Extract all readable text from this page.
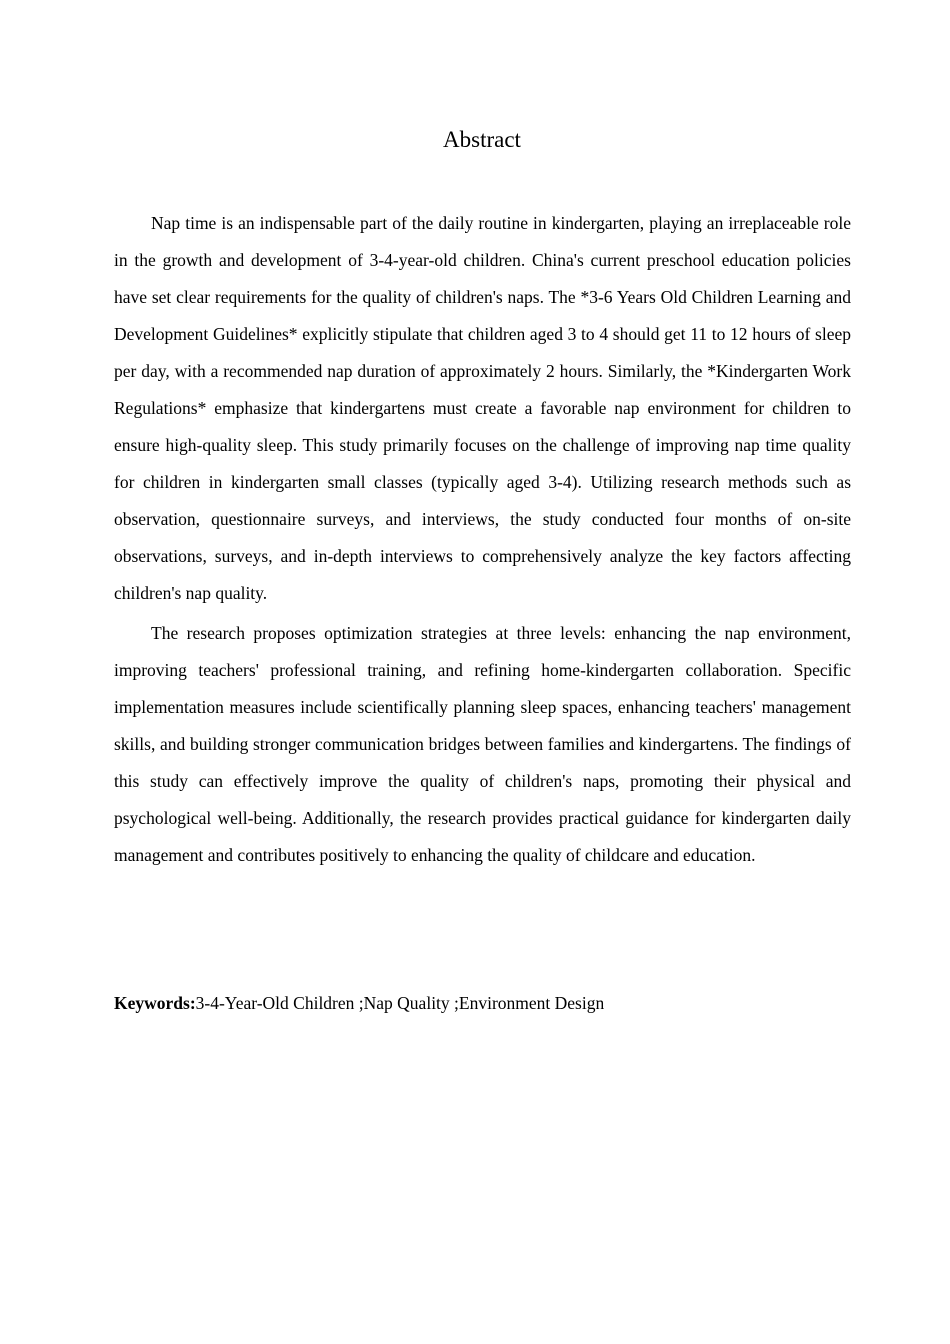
Abstract

Nap time is an indispensable part of the daily routine in kindergarten, playing an irreplaceable role in the growth and development of 3-4-year-old children. China's current preschool education policies have set clear requirements for the quality of children's naps. The *3-6 Years Old Children Learning and Development Guidelines* explicitly stipulate that children aged 3 to 4 should get 11 to 12 hours of sleep per day, with a recommended nap duration of approximately 2 hours. Similarly, the *Kindergarten Work Regulations* emphasize that kindergartens must create a favorable nap environment for children to ensure high-quality sleep. This study primarily focuses on the challenge of improving nap time quality for children in kindergarten small classes (typically aged 3-4). Utilizing research methods such as observation, questionnaire surveys, and interviews, the study conducted four months of on-site observations, surveys, and in-depth interviews to comprehensively analyze the key factors affecting children's nap quality.

The research proposes optimization strategies at three levels: enhancing the nap environment, improving teachers' professional training, and refining home-kindergarten collaboration. Specific implementation measures include scientifically planning sleep spaces, enhancing teachers' management skills, and building stronger communication bridges between families and kindergartens. The findings of this study can effectively improve the quality of children's naps, promoting their physical and psychological well-being. Additionally, the research provides practical guidance for kindergarten daily management and contributes positively to enhancing the quality of childcare and education.

Keywords:3-4-Year-Old Children ;Nap Quality ;Environment Design
